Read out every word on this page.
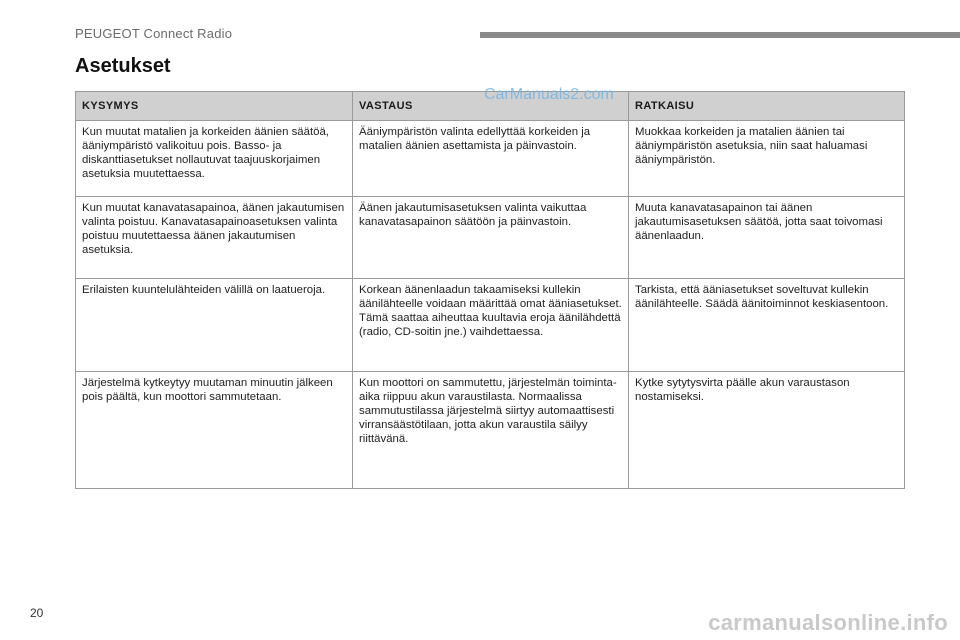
PEUGEOT Connect Radio
Asetukset
KYSYMYS	VASTAUS	RATKAISU
Kun muutat matalien ja korkeiden äänien säätöä, ääniympäristö valikoituu pois. Basso- ja diskanttiasetukset nollautuvat taajuuskorjaimen asetuksia muutettaessa.	Ääniympäristön valinta edellyttää korkeiden ja matalien äänien asettamista ja päinvastoin.	Muokkaa korkeiden ja matalien äänien tai ääniympäristön asetuksia, niin saat haluamasi ääniympäristön.
Kun muutat kanavatasapainoa, äänen jakautumisen valinta poistuu. Kanavatasapainoasetuksen valinta poistuu muutettaessa äänen jakautumisen asetuksia.	Äänen jakautumisasetuksen valinta vaikuttaa kanavatasapainon säätöön ja päinvastoin.	Muuta kanavatasapainon tai äänen jakautumisasetuksen säätöä, jotta saat toivomasi äänenlaadun.
Erilaisten kuuntelulähteiden välillä on laatueroja.	Korkean äänenlaadun takaamiseksi kullekin äänilähteelle voidaan määrittää omat ääniasetukset. Tämä saattaa aiheuttaa kuultavia eroja äänilähdettä (radio, CD-soitin jne.) vaihdettaessa.	Tarkista, että ääniasetukset soveltuvat kullekin äänilähteelle. Säädä äänitoiminnot keskiasentoon.
Järjestelmä kytkeytyy muutaman minuutin jälkeen pois päältä, kun moottori sammutetaan.	Kun moottori on sammutettu, järjestelmän toiminta-aika riippuu akun varaustilasta. Normaalissa sammutustilassa järjestelmä siirtyy automaattisesti virransäästötilaan, jotta akun varaustila säilyy riittävänä.	Kytke sytytysvirta päälle akun varaustason nostamiseksi.
CarManuals2.com
20	carmanualsonline.info
